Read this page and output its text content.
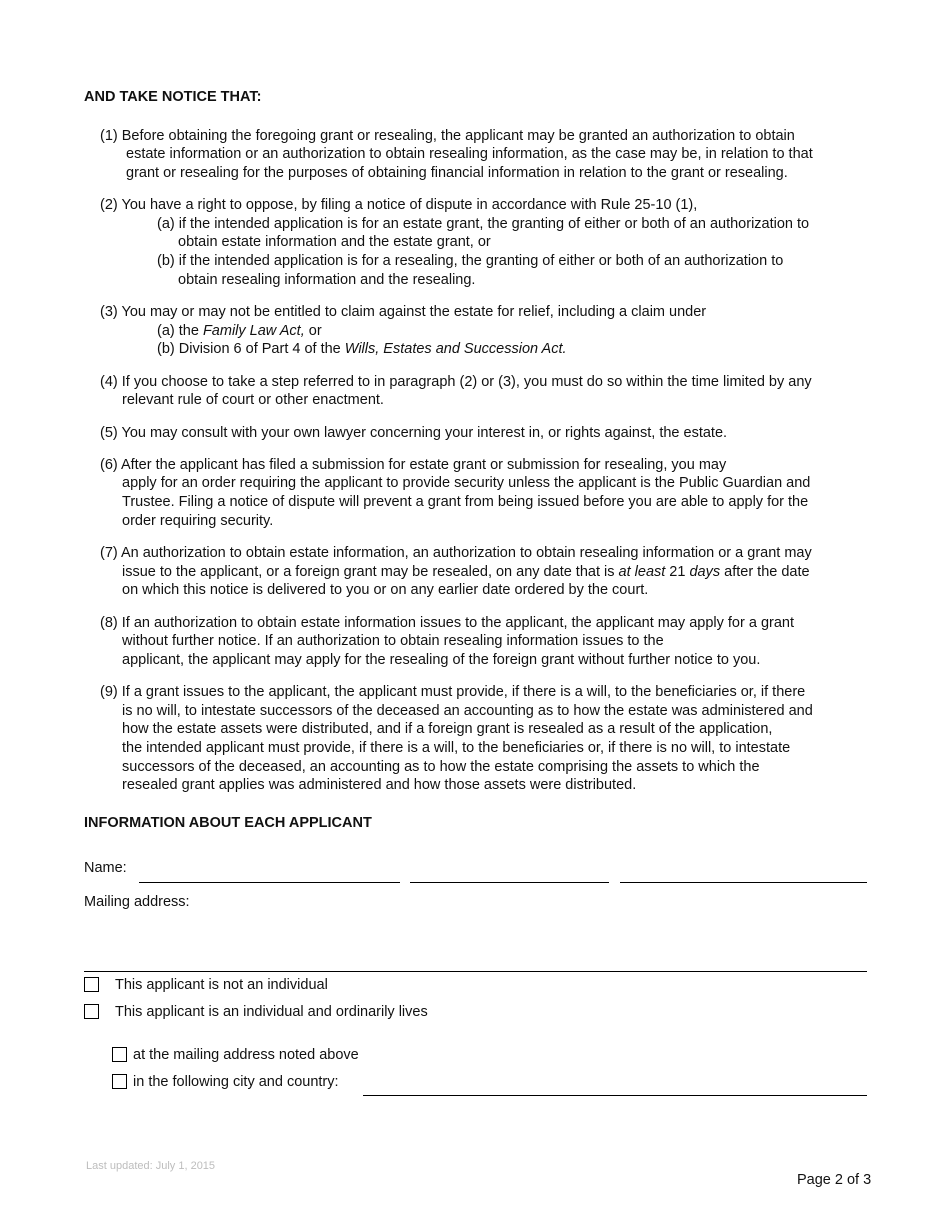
AND TAKE NOTICE THAT:
(1) Before obtaining the foregoing grant or resealing, the applicant may be granted an authorization to obtain
estate information or an authorization to obtain resealing information, as the case may be, in relation to that
grant or resealing for the purposes of obtaining financial information in relation to the grant or resealing.
(2) You have a right to oppose, by filing a notice of dispute in accordance with Rule 25-10 (1),
(a) if the intended application is for an estate grant, the granting of either or both of an authorization to
obtain estate information and the estate grant, or
(b) if the intended application is for a resealing, the granting of either or both of an authorization to
obtain resealing information and the resealing.
(3) You may or may not be entitled to claim against the estate for relief, including a claim under
(a) the Family Law Act, or
(b) Division 6 of Part 4 of the Wills, Estates and Succession Act.
(4) If you choose to take a step referred to in paragraph (2) or (3), you must do so within the time limited by any
relevant rule of court or other enactment.
(5) You may consult with your own lawyer concerning your interest in, or rights against, the estate.
(6) After the applicant has filed a submission for estate grant or submission for resealing, you may
apply for an order requiring the applicant to provide security unless the applicant is the Public Guardian and
Trustee. Filing a notice of dispute will prevent a grant from being issued before you are able to apply for the
order requiring security.
(7) An authorization to obtain estate information, an authorization to obtain resealing information or a grant may
issue to the applicant, or a foreign grant may be resealed, on any date that is at least 21 days after the date
on which this notice is delivered to you or on any earlier date ordered by the court.
(8) If an authorization to obtain estate information issues to the applicant, the applicant may apply for a grant
without further notice. If an authorization to obtain resealing information issues to the
applicant, the applicant may apply for the resealing of the foreign grant without further notice to you.
(9) If a grant issues to the applicant, the applicant must provide, if there is a will, to the beneficiaries or, if there
is no will, to intestate successors of the deceased an accounting as to how the estate was administered and
how the estate assets were distributed, and if a foreign grant is resealed as a result of the application,
the intended applicant must provide, if there is a will, to the beneficiaries or, if there is no will, to intestate
successors of the deceased, an accounting as to how the estate comprising the assets to which the
resealed grant applies was administered and how those assets were distributed.
INFORMATION ABOUT EACH APPLICANT
Name:
Mailing address:
This applicant is not an individual
This applicant is an individual and ordinarily lives
at the mailing address noted above
in the following city and country:
Last updated: July 1, 2015
Page 2 of 3
